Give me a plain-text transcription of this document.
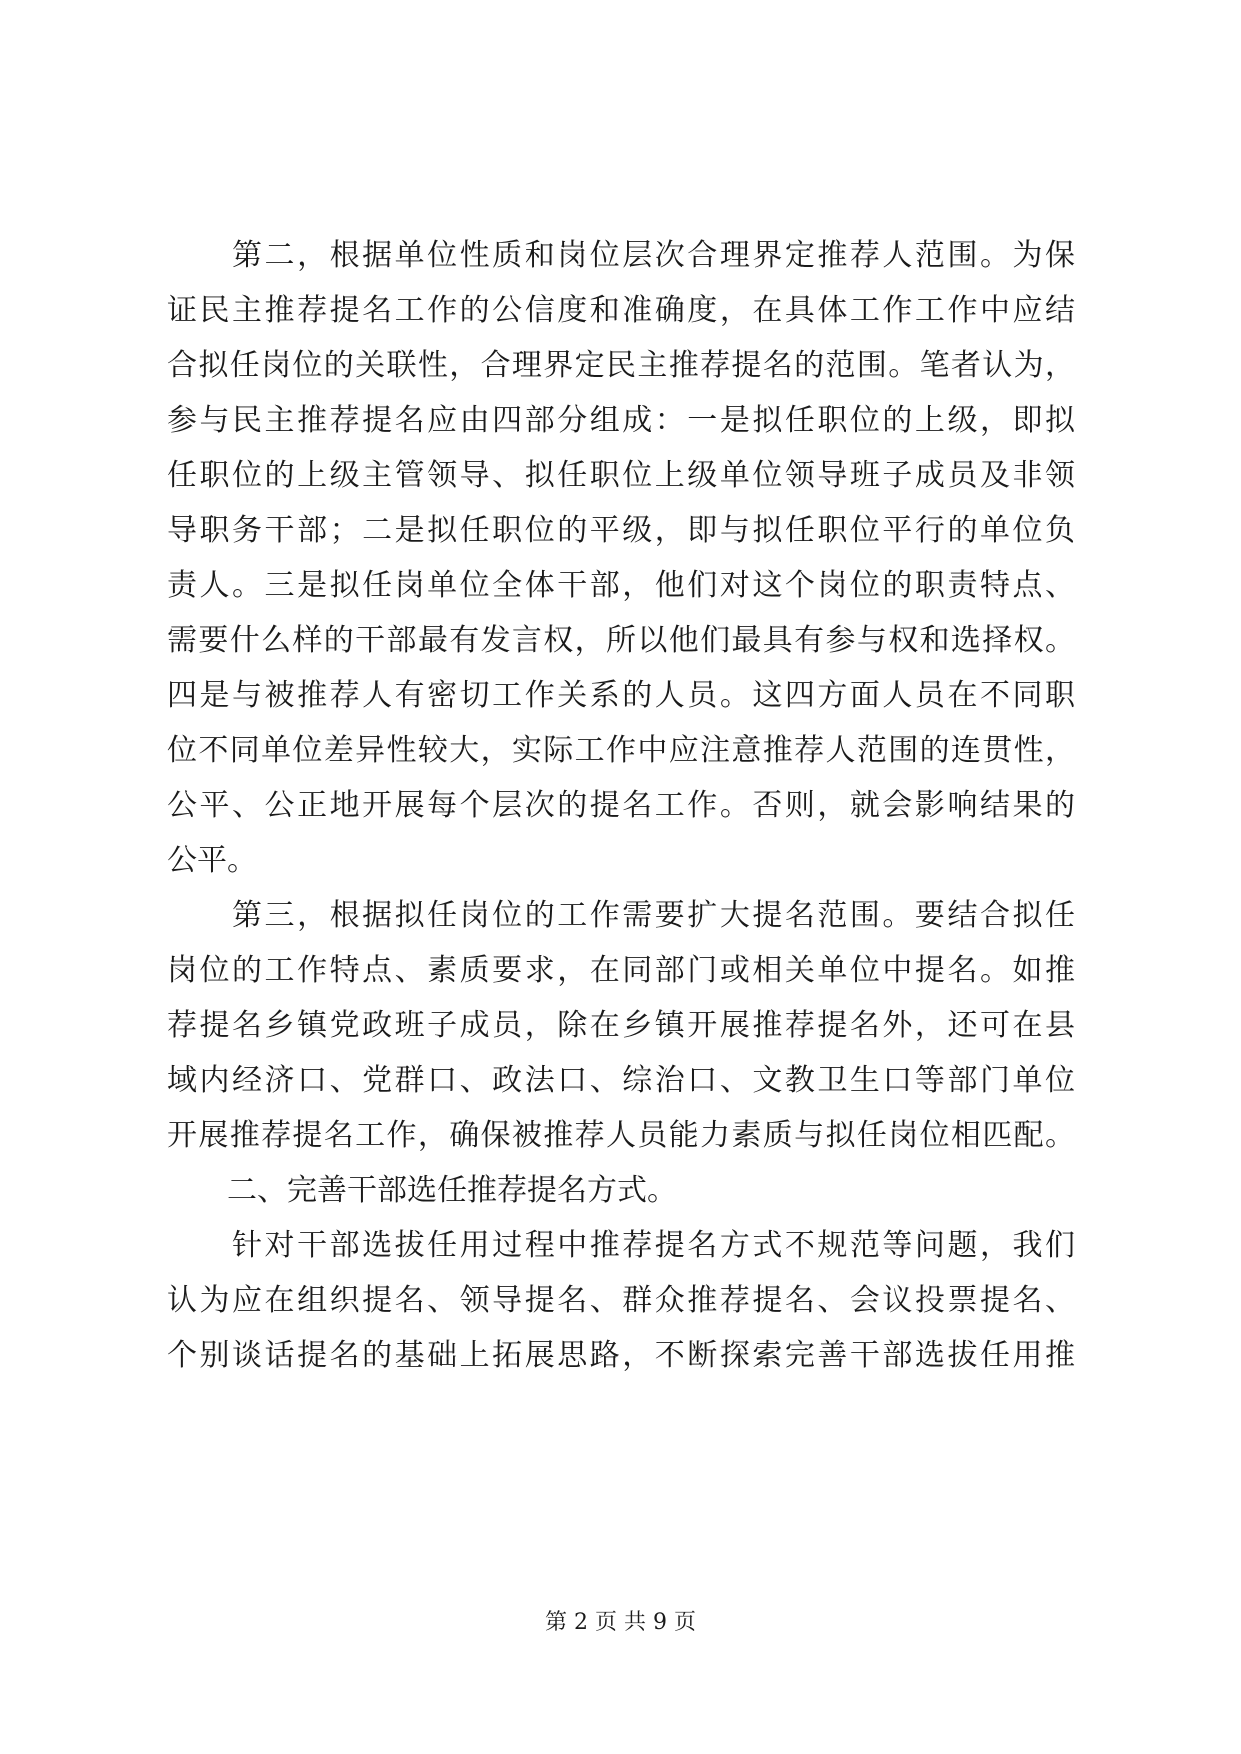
　　第二，根据单位性质和岗位层次合理界定推荐人范围。为保
证民主推荐提名工作的公信度和准确度，在具体工作工作中应结
合拟任岗位的关联性，合理界定民主推荐提名的范围。笔者认为，
参与民主推荐提名应由四部分组成：一是拟任职位的上级，即拟
任职位的上级主管领导、拟任职位上级单位领导班子成员及非领
导职务干部；二是拟任职位的平级，即与拟任职位平行的单位负
责人。三是拟任岗单位全体干部，他们对这个岗位的职责特点、
需要什么样的干部最有发言权，所以他们最具有参与权和选择权。
四是与被推荐人有密切工作关系的人员。这四方面人员在不同职
位不同单位差异性较大，实际工作中应注意推荐人范围的连贯性，
公平、公正地开展每个层次的提名工作。否则，就会影响结果的
公平。
　　第三，根据拟任岗位的工作需要扩大提名范围。要结合拟任
岗位的工作特点、素质要求，在同部门或相关单位中提名。如推
荐提名乡镇党政班子成员，除在乡镇开展推荐提名外，还可在县
域内经济口、党群口、政法口、综治口、文教卫生口等部门单位
开展推荐提名工作，确保被推荐人员能力素质与拟任岗位相匹配。
　　二、完善干部选任推荐提名方式。
　　针对干部选拔任用过程中推荐提名方式不规范等问题，我们
认为应在组织提名、领导提名、群众推荐提名、会议投票提名、
个别谈话提名的基础上拓展思路，不断探索完善干部选拔任用推
第 2 页 共 9 页
